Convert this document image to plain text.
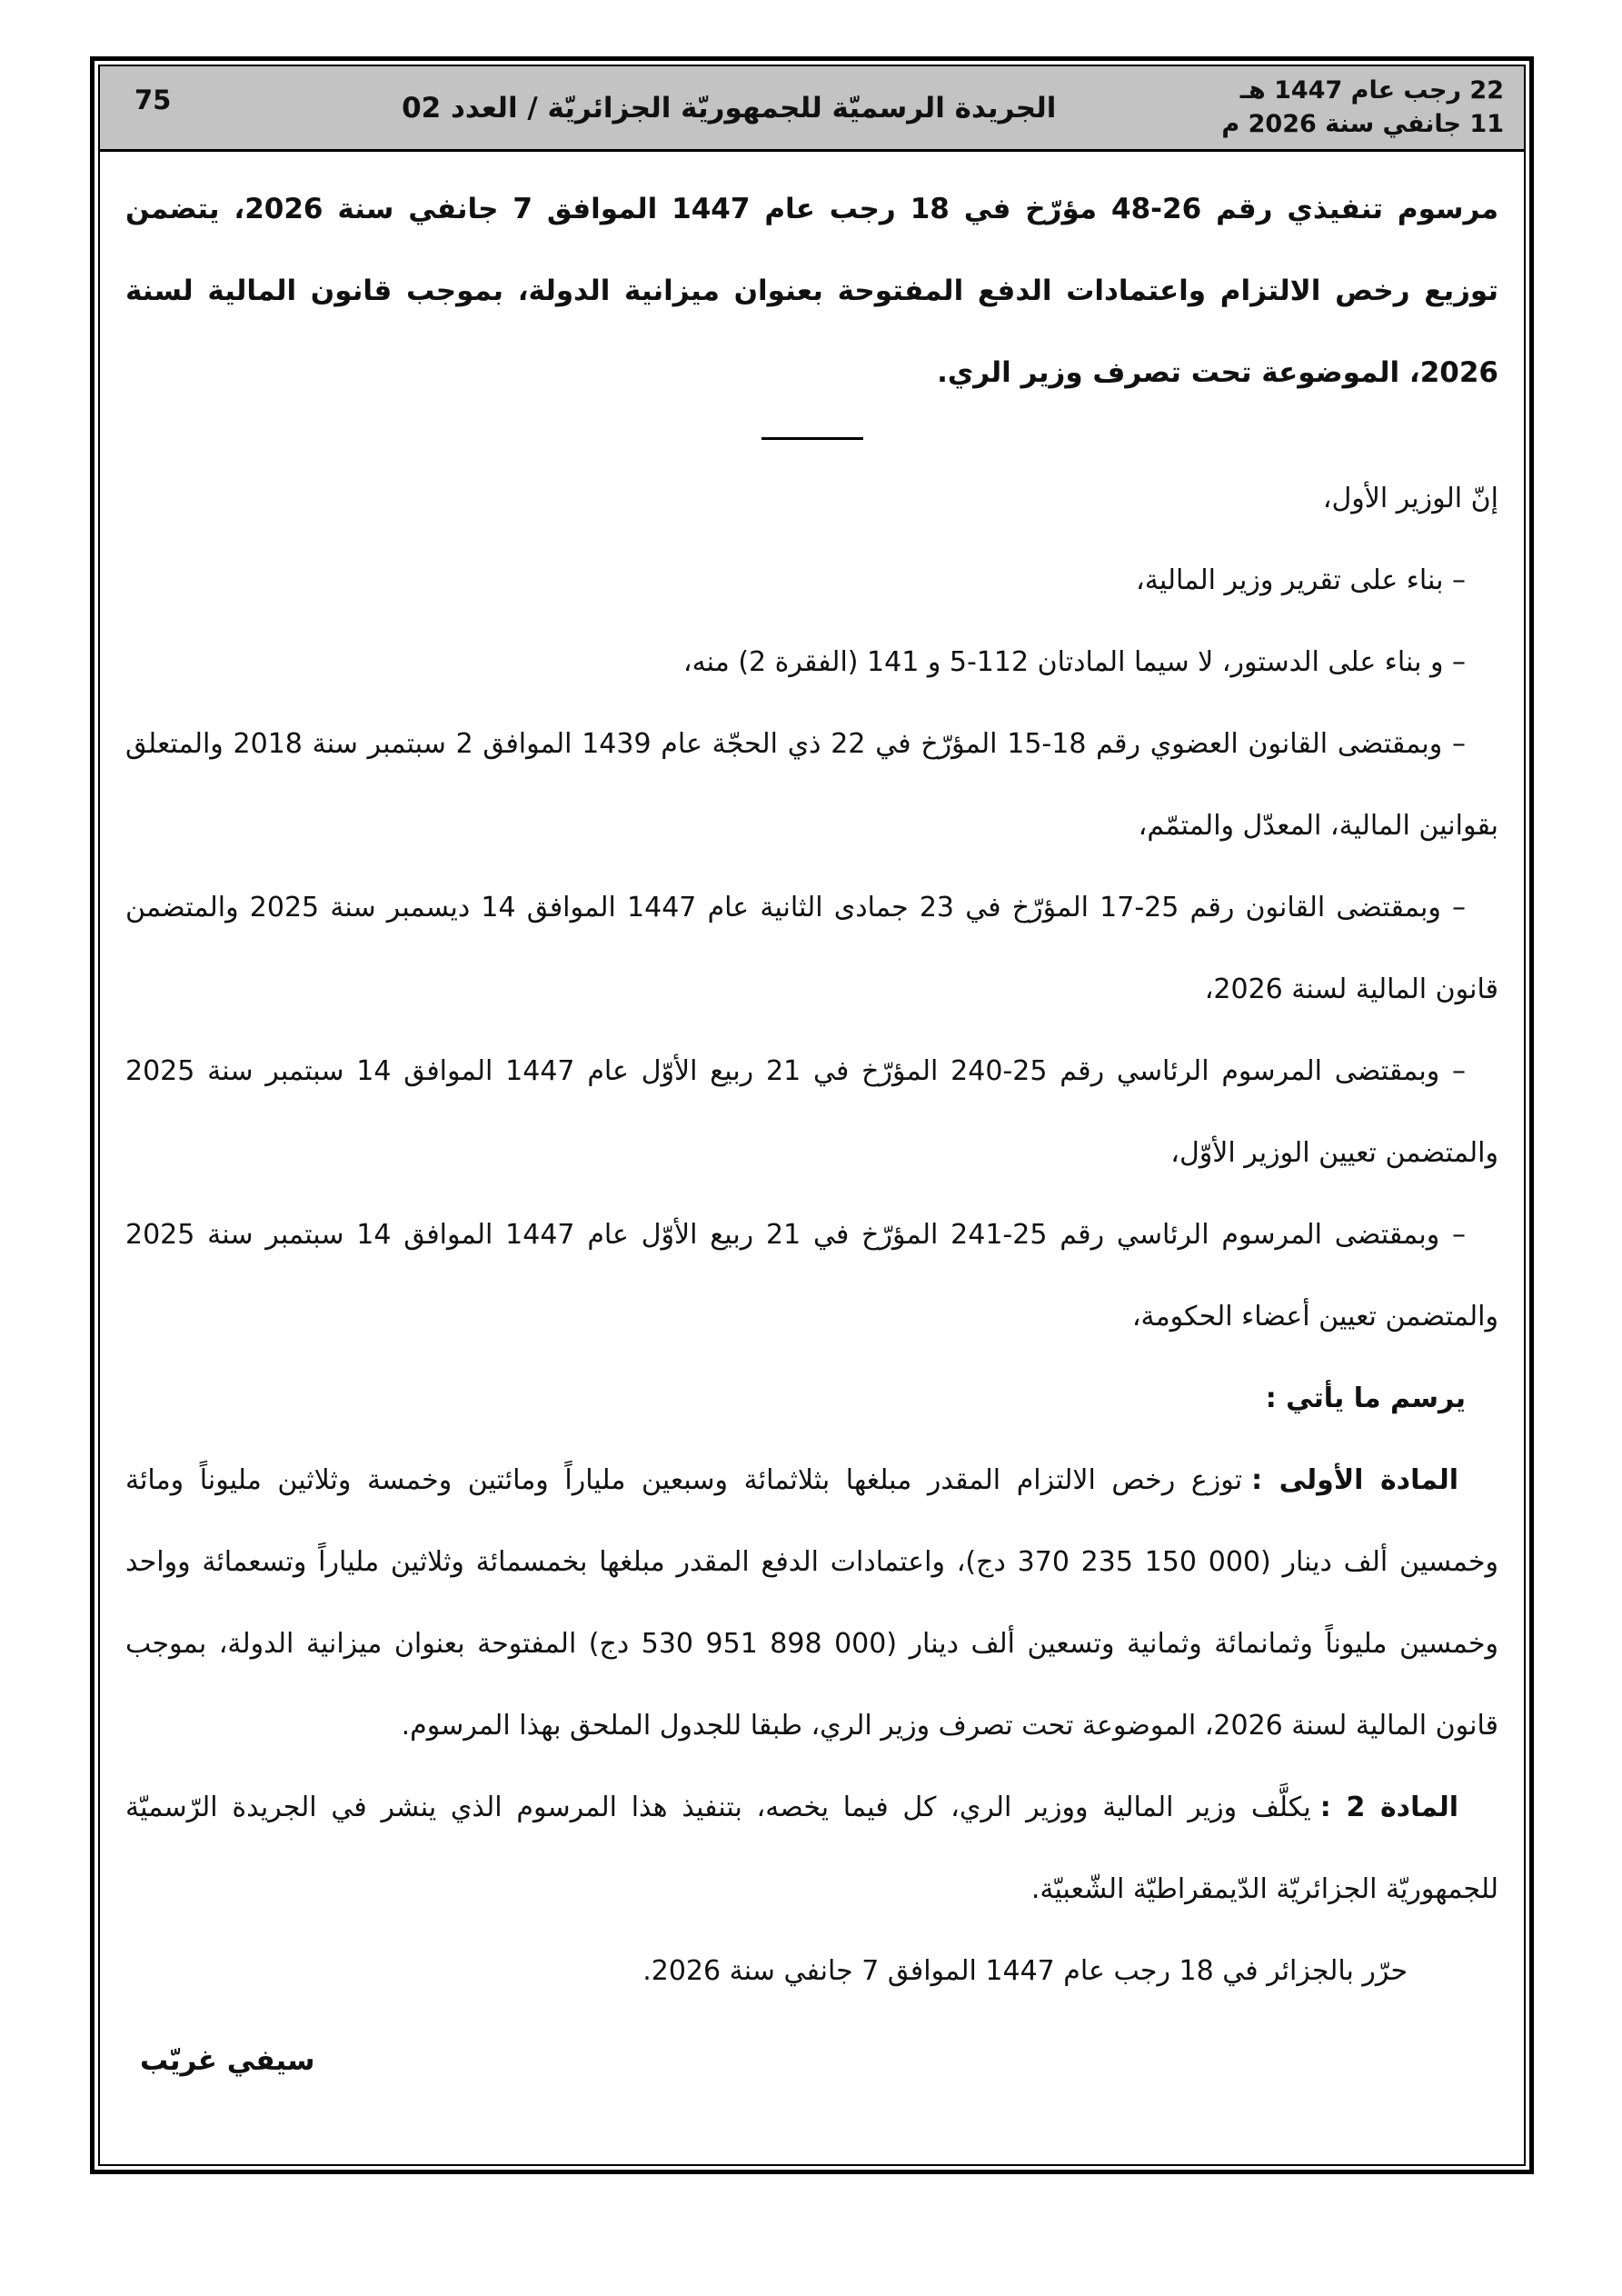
22 رجب عام 1447 هـ
11 جانفي سنة 2026 م
الجريدة الرسميّة للجمهوريّة الجزائريّة / العدد 02
75

مرسوم تنفيذي رقم 26‏-48 مؤرّخ في 18 رجب عام 1447 الموافق 7 جانفي سنة 2026، يتضمن توزيع رخص الالتزام واعتمادات الدفع المفتوحة بعنوان ميزانية الدولة، بموجب قانون المالية لسنة 2026، الموضوعة تحت تصرف وزير الري.

إنّ الوزير الأول،

– بناء على تقرير وزير المالية،

– و بناء على الدستور، لا سيما المادتان 112‏-5 و 141 (الفقرة 2) منه،

– وبمقتضى القانون العضوي رقم 18‏-15 المؤرّخ في 22 ذي الحجّة عام 1439 الموافق 2 سبتمبر سنة 2018 والمتعلق بقوانين المالية، المعدّل والمتمّم،

– وبمقتضى القانون رقم 25‏-17 المؤرّخ في 23 جمادى الثانية عام 1447 الموافق 14 ديسمبر سنة 2025 والمتضمن قانون المالية لسنة 2026،

– وبمقتضى المرسوم الرئاسي رقم 25‏-240 المؤرّخ في 21 ربيع الأوّل عام 1447 الموافق 14 سبتمبر سنة 2025 والمتضمن تعيين الوزير الأوّل،

– وبمقتضى المرسوم الرئاسي رقم 25‏-241 المؤرّخ في 21 ربيع الأوّل عام 1447 الموافق 14 سبتمبر سنة 2025 والمتضمن تعيين أعضاء الحكومة،

يرسم ما يأتي :

المادة الأولى :توزع رخص الالتزام المقدر مبلغها بثلاثمائة وسبعين ملياراً ومائتين وخمسة وثلاثين مليوناً ومائة وخمسين ألف دينار (370 235 150 000 دج)، واعتمادات الدفع المقدر مبلغها بخمسمائة وثلاثين ملياراً وتسعمائة وواحد وخمسين مليوناً وثمانمائة وثمانية وتسعين ألف دينار (530 951 898 000 دج) المفتوحة بعنوان ميزانية الدولة، بموجب قانون المالية لسنة 2026، الموضوعة تحت تصرف وزير الري، طبقا للجدول الملحق بهذا المرسوم.

المادة 2 :يكلَّف وزير المالية ووزير الري، كل فيما يخصه، بتنفيذ هذا المرسوم الذي ينشر في الجريدة الرّسميّة للجمهوريّة الجزائريّة الدّيمقراطيّة الشّعبيّة.

حرّر بالجزائر في 18 رجب عام 1447 الموافق 7 جانفي سنة 2026.

سيفي غريّب
